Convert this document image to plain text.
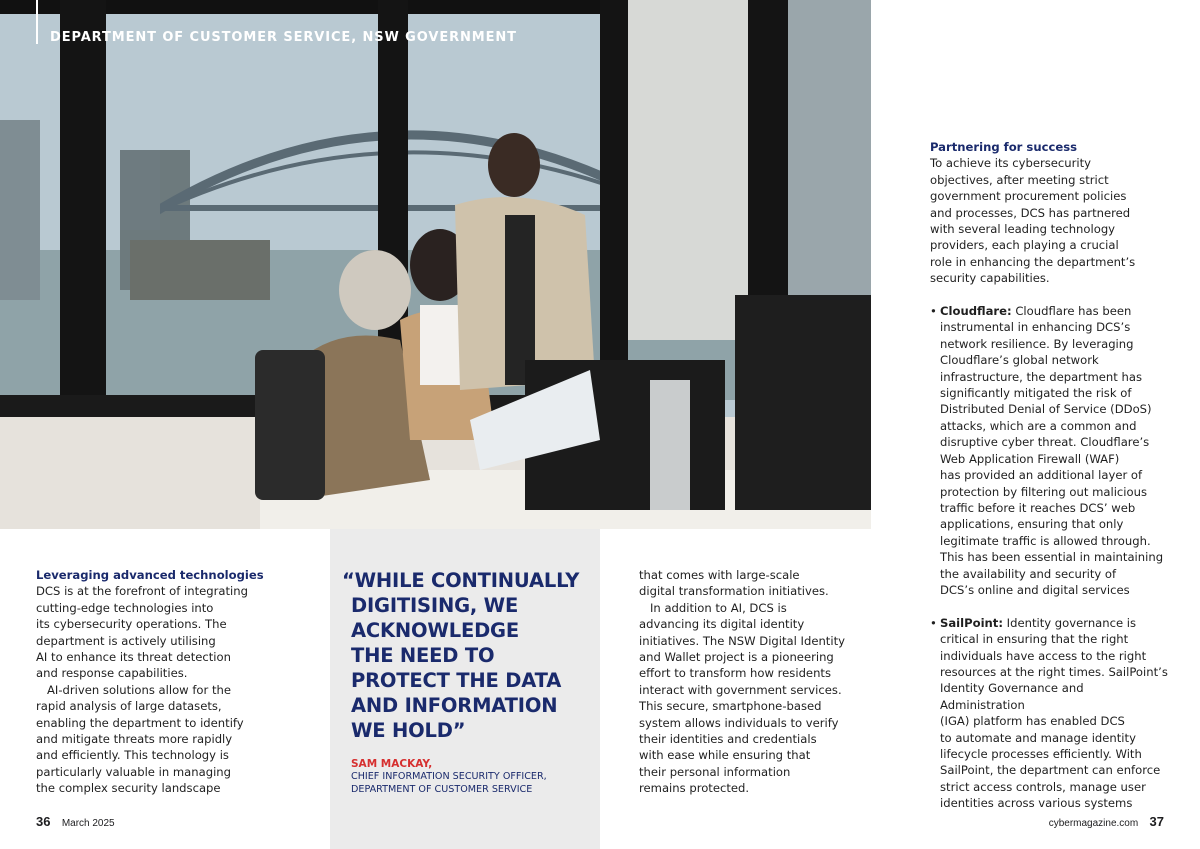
DEPARTMENT OF CUSTOMER SERVICE, NSW GOVERNMENT

Leveraging advanced technologies

DCS is at the forefront of integrating

cutting-edge technologies into

its cybersecurity operations. The

department is actively utilising

AI to enhance its threat detection

and response capabilities.

AI-driven solutions allow for the

rapid analysis of large datasets,

enabling the department to identify

and mitigate threats more rapidly

and efficiently. This technology is

particularly valuable in managing

the complex security landscape

“WHILE CONTINUALLY
DIGITISING, WE
ACKNOWLEDGE
THE NEED TO
PROTECT THE DATA
AND INFORMATION
WE HOLD”
SAM MACKAY,
CHIEF INFORMATION SECURITY OFFICER,
DEPARTMENT OF CUSTOMER SERVICE

that comes with large-scale

digital transformation initiatives.

In addition to AI, DCS is

advancing its digital identity

initiatives. The NSW Digital Identity

and Wallet project is a pioneering

effort to transform how residents

interact with government services.

This secure, smartphone-based

system allows individuals to verify

their identities and credentials

with ease while ensuring that

their personal information

remains protected.

Partnering for success

To achieve its cybersecurity

objectives, after meeting strict

government procurement policies

and processes, DCS has partnered

with several leading technology

providers, each playing a crucial

role in enhancing the department’s

security capabilities.

• Cloudflare: Cloudflare has been

instrumental in enhancing DCS’s

network resilience. By leveraging

Cloudflare’s global network

infrastructure, the department has

significantly mitigated the risk of

Distributed Denial of Service (DDoS)

attacks, which are a common and

disruptive cyber threat. Cloudflare’s

Web Application Firewall (WAF)

has provided an additional layer of

protection by filtering out malicious

traffic before it reaches DCS’ web

applications, ensuring that only

legitimate traffic is allowed through.

This has been essential in maintaining

the availability and security of

DCS’s online and digital services

• SailPoint: Identity governance is

critical in ensuring that the right

individuals have access to the right

resources at the right times. SailPoint’s

Identity Governance and Administration

(IGA) platform has enabled DCS

to automate and manage identity

lifecycle processes efficiently. With

SailPoint, the department can enforce

strict access controls, manage user

identities across various systems

36 March 2025	cybermagazine.com 37
